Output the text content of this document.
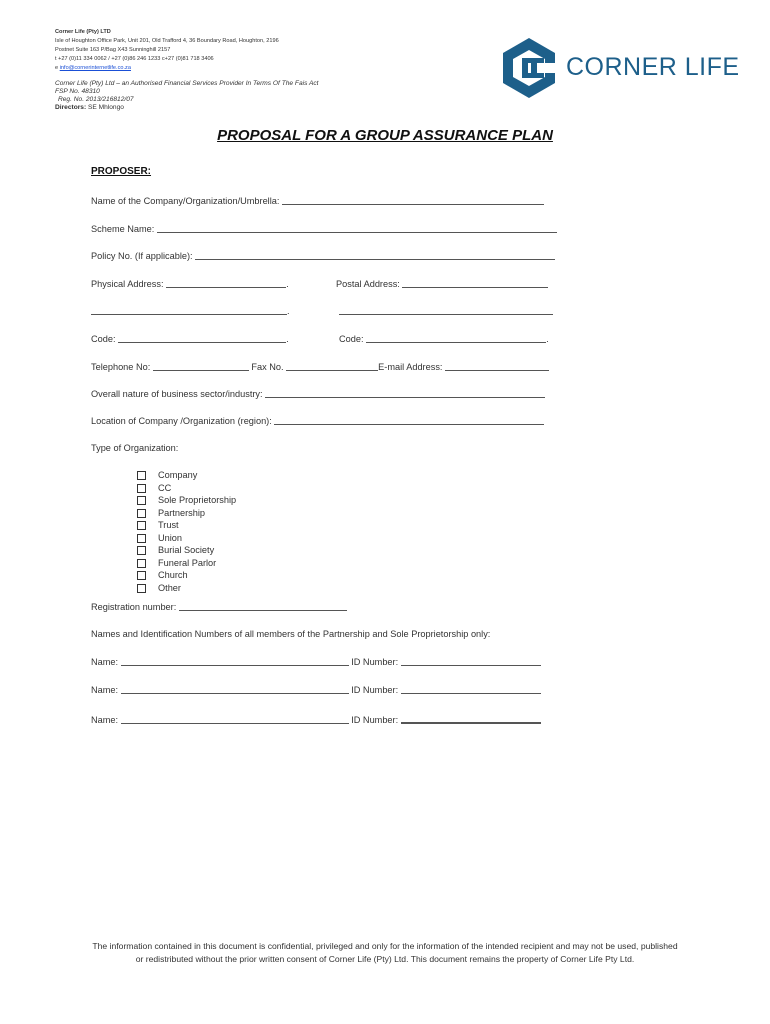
Corner Life (Pty) LTD
Isle of Houghton Office Park, Unit 201, Old Trafford 4, 36 Boundary Road, Houghton, 2196
Postnet Suite 163 P/Bag X43 Sunninghill 2157
t +27 (0)11 334 0062 / +27 (0)86 246 1233 c+27 (0)81 718 3406
e info@cornerinternetlife.co.za
Corner Life (Pty) Ltd – an Authorised Financial Services Provider In Terms Of The Fais Act
FSP No. 48310
Reg. No. 2013/216812/07
Directors: SE Mhlongo
CORNER LIFE
PROPOSAL FOR A GROUP ASSURANCE PLAN
PROPOSER:
Name of the Company/Organization/Umbrella:
Scheme Name:
Policy No. (If applicable):
Physical Address:	.	Postal Address:
.
Code:	.	Code:	.
Telephone No:	Fax No.	E-mail Address:
Overall nature of business sector/industry:
Location of Company /Organization (region):
Type of Organization:
Company
CC
Sole Proprietorship
Partnership
Trust
Union
Burial Society
Funeral Parlor
Church
Other
Registration number:
Names and Identification Numbers of all members of the Partnership and Sole Proprietorship only:
Name:	ID Number:
Name:	ID Number:
Name:	ID Number:
The information contained in this document is confidential, privileged and only for the information of the intended recipient and may not be used, published or redistributed without the prior written consent of Corner Life (Pty) Ltd. This document remains the property of Corner Life Pty Ltd.
